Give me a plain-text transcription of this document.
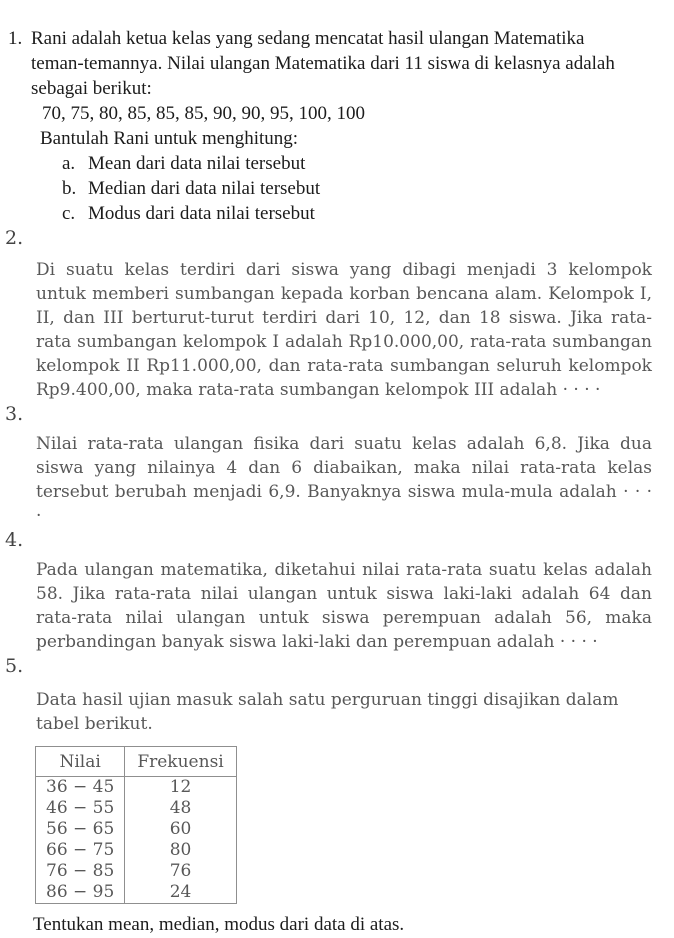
1. Rani adalah ketua kelas yang sedang mencatat hasil ulangan Matematika teman-temannya. Nilai ulangan Matematika dari 11 siswa di kelasnya adalah sebagai berikut:
70, 75, 80, 85, 85, 85, 90, 90, 95, 100, 100
Bantulah Rani untuk menghitung:
a. Mean dari data nilai tersebut
b. Median dari data nilai tersebut
c. Modus dari data nilai tersebut
2.

Di suatu kelas terdiri dari siswa yang dibagi menjadi 3 kelompok untuk memberi sumbangan kepada korban bencana alam. Kelompok I, II, dan III berturut-turut terdiri dari 10, 12, dan 18 siswa. Jika rata-rata sumbangan kelompok I adalah Rp10.000,00, rata-rata sumbangan kelompok II Rp11.000,00, dan rata-rata sumbangan seluruh kelompok Rp9.400,00, maka rata-rata sumbangan kelompok III adalah · · · ·

3.

Nilai rata-rata ulangan fisika dari suatu kelas adalah 6,8. Jika dua siswa yang nilainya 4 dan 6 diabaikan, maka nilai rata-rata kelas tersebut berubah menjadi 6,9. Banyaknya siswa mula-mula adalah · · · ·

4.

Pada ulangan matematika, diketahui nilai rata-rata suatu kelas adalah 58. Jika rata-rata nilai ulangan untuk siswa laki-laki adalah 64 dan rata-rata nilai ulangan untuk siswa perempuan adalah 56, maka perbandingan banyak siswa laki-laki dan perempuan adalah · · · ·

5.

Data hasil ujian masuk salah satu perguruan tinggi disajikan dalam tabel berikut.

Nilai	Frekuensi
36 − 45	12
46 − 55	48
56 − 65	60
66 − 75	80
76 − 85	76
86 − 95	24

Tentukan mean, median, modus dari data di atas.
